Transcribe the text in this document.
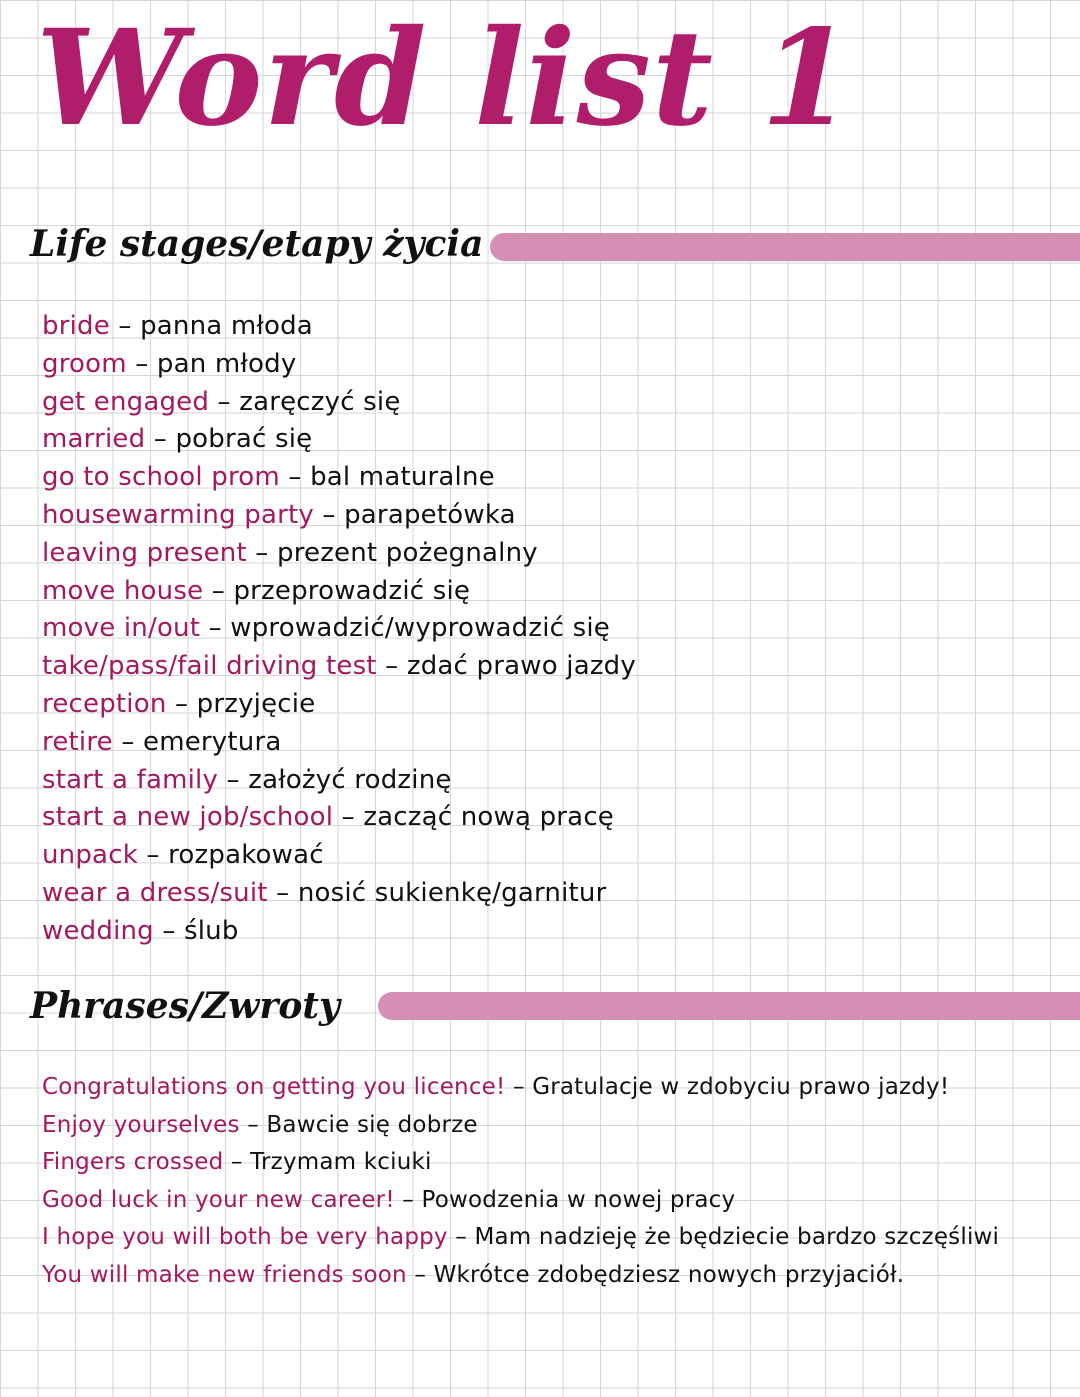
Word list 1
Life stages/etapy życia
bride – panna młoda
groom – pan młody
get engaged – zaręczyć się
married – pobrać się
go to school prom – bal maturalne
housewarming party – parapetówka
leaving present – prezent pożegnalny
move house – przeprowadzić się
move in/out – wprowadzić/wyprowadzić się
take/pass/fail driving test – zdać prawo jazdy
reception – przyjęcie
retire – emerytura
start a family – założyć rodzinę
start a new job/school – zacząć nową pracę
unpack – rozpakować
wear a dress/suit – nosić sukienkę/garnitur
wedding – ślub
Phrases/Zwroty
Congratulations on getting you licence! – Gratulacje w zdobyciu prawo jazdy!
Enjoy yourselves – Bawcie się dobrze
Fingers crossed – Trzymam kciuki
Good luck in your new career! – Powodzenia w nowej pracy
I hope you will both be very happy – Mam nadzieję że będziecie bardzo szczęśliwi
You will make new friends soon – Wkrótce zdobędziesz nowych przyjaciół.
